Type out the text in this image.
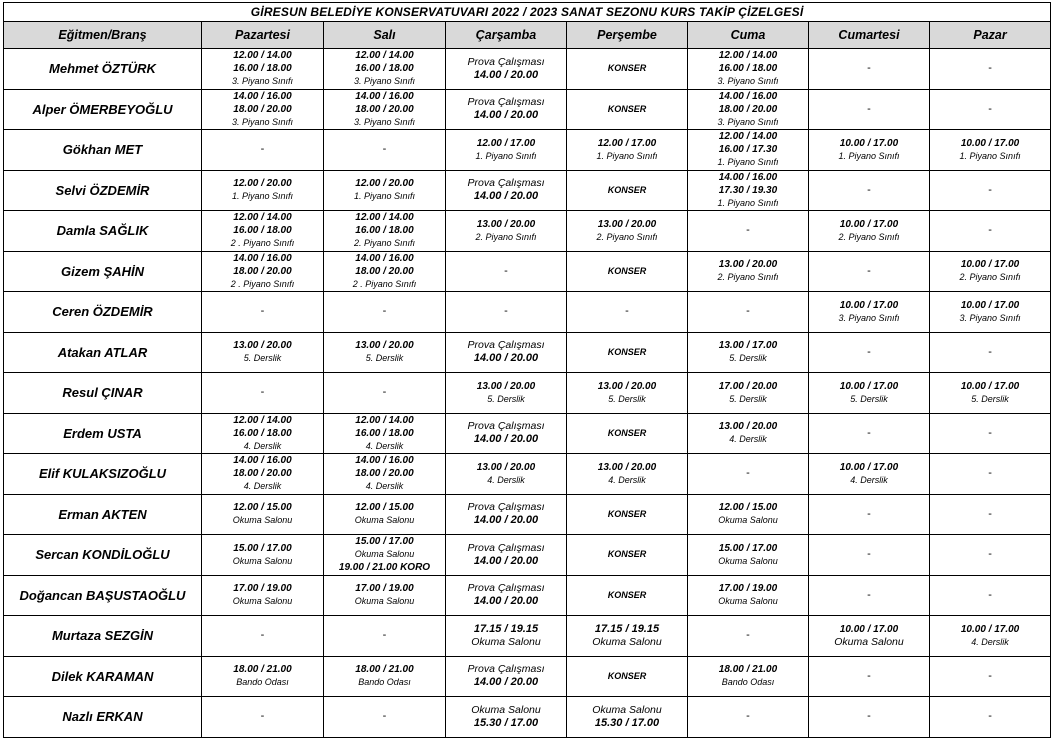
GİRESUN BELEDİYE KONSERVATUVARI 2022 / 2023 SANAT SEZONU KURS TAKİP ÇİZELGESİ							
Eğitmen/Branş	Pazartesi	Salı	Çarşamba	Perşembe	Cuma	Cumartesi	Pazar
Mehmet ÖZTÜRK	12.00 / 14.00
16.00 / 18.00
3. Piyano Sınıfı	12.00 / 14.00
16.00 / 18.00
3. Piyano Sınıfı	Prova Çalışması
14.00 / 20.00	KONSER	12.00 / 14.00
16.00 / 18.00
3. Piyano Sınıfı	-	-

Alper ÖMERBEYOĞLU	14.00 / 16.00
18.00 / 20.00
3. Piyano Sınıfı	14.00 / 16.00
18.00 / 20.00
3. Piyano Sınıfı	Prova Çalışması
14.00 / 20.00	KONSER	14.00 / 16.00
18.00 / 20.00
3. Piyano Sınıfı	-	-

Gökhan MET	-	-	12.00 / 17.00
1. Piyano Sınıfı	12.00 / 17.00
1. Piyano Sınıfı	12.00 / 14.00
16.00 / 17.30
1. Piyano Sınıfı	10.00 / 17.00
1. Piyano Sınıfı	10.00 / 17.00
1. Piyano Sınıfı

Selvi ÖZDEMİR	12.00 / 20.00
1. Piyano Sınıfı	12.00 / 20.00
1. Piyano Sınıfı	Prova Çalışması
14.00 / 20.00	KONSER	14.00 / 16.00
17.30 / 19.30
1. Piyano Sınıfı	-	-

Damla SAĞLIK	12.00 / 14.00
16.00 / 18.00
2 . Piyano Sınıfı	12.00 / 14.00
16.00 / 18.00
2. Piyano Sınıfı	13.00 / 20.00
2. Piyano Sınıfı	13.00 / 20.00
2. Piyano Sınıfı	-	10.00 / 17.00
2. Piyano Sınıfı	-

Gizem ŞAHİN	14.00 / 16.00
18.00 / 20.00
2 . Piyano Sınıfı	14.00 / 16.00
18.00 / 20.00
2 . Piyano Sınıfı	-	KONSER	13.00 / 20.00
2. Piyano Sınıfı	-	10.00 / 17.00
2. Piyano Sınıfı

Ceren ÖZDEMİR	-	-	-	-	-	10.00 / 17.00
3. Piyano Sınıfı	10.00 / 17.00
3. Piyano Sınıfı

Atakan ATLAR	13.00 / 20.00
5. Derslik	13.00 / 20.00
5. Derslik	Prova Çalışması
14.00 / 20.00	KONSER	13.00 / 17.00
5. Derslik	-	-

Resul ÇINAR	-	-	13.00 / 20.00
5. Derslik	13.00 / 20.00
5. Derslik	17.00 / 20.00
5. Derslik	10.00 / 17.00
5. Derslik	10.00 / 17.00
5. Derslik

Erdem USTA	12.00 / 14.00
16.00 / 18.00
4. Derslik	12.00 / 14.00
16.00 / 18.00
4. Derslik	Prova Çalışması
14.00 / 20.00	KONSER	13.00 / 20.00
4. Derslik	-	-

Elif KULAKSIZOĞLU	14.00 / 16.00
18.00 / 20.00
4. Derslik	14.00 / 16.00
18.00 / 20.00
4. Derslik	13.00 / 20.00
4. Derslik	13.00 / 20.00
4. Derslik	-	10.00 / 17.00
4. Derslik	-

Erman AKTEN	12.00 / 15.00
Okuma Salonu	12.00 / 15.00
Okuma Salonu	Prova Çalışması
14.00 / 20.00	KONSER	12.00 / 15.00
Okuma Salonu	-	-

Sercan KONDİLOĞLU	15.00 / 17.00
Okuma Salonu	15.00 / 17.00
Okuma Salonu
19.00 / 21.00 KORO	Prova Çalışması
14.00 / 20.00	KONSER	15.00 / 17.00
Okuma Salonu	-	-

Doğancan BAŞUSTAOĞLU	17.00 / 19.00
Okuma Salonu	17.00 / 19.00
Okuma Salonu	Prova Çalışması
14.00 / 20.00	KONSER	17.00 / 19.00
Okuma Salonu	-	-

Murtaza SEZGİN	-	-	17.15 / 19.15
Okuma Salonu	17.15 / 19.15
Okuma Salonu	-	10.00 / 17.00
Okuma Salonu	10.00 / 17.00
4. Derslik

Dilek KARAMAN	18.00 / 21.00
Bando Odası	18.00 / 21.00
Bando Odası	Prova Çalışması
14.00 / 20.00	KONSER	18.00 / 21.00
Bando Odası	-	-

Nazlı ERKAN	-	-	Okuma Salonu
15.30 / 17.00	Okuma Salonu
15.30 / 17.00	-	-	-
